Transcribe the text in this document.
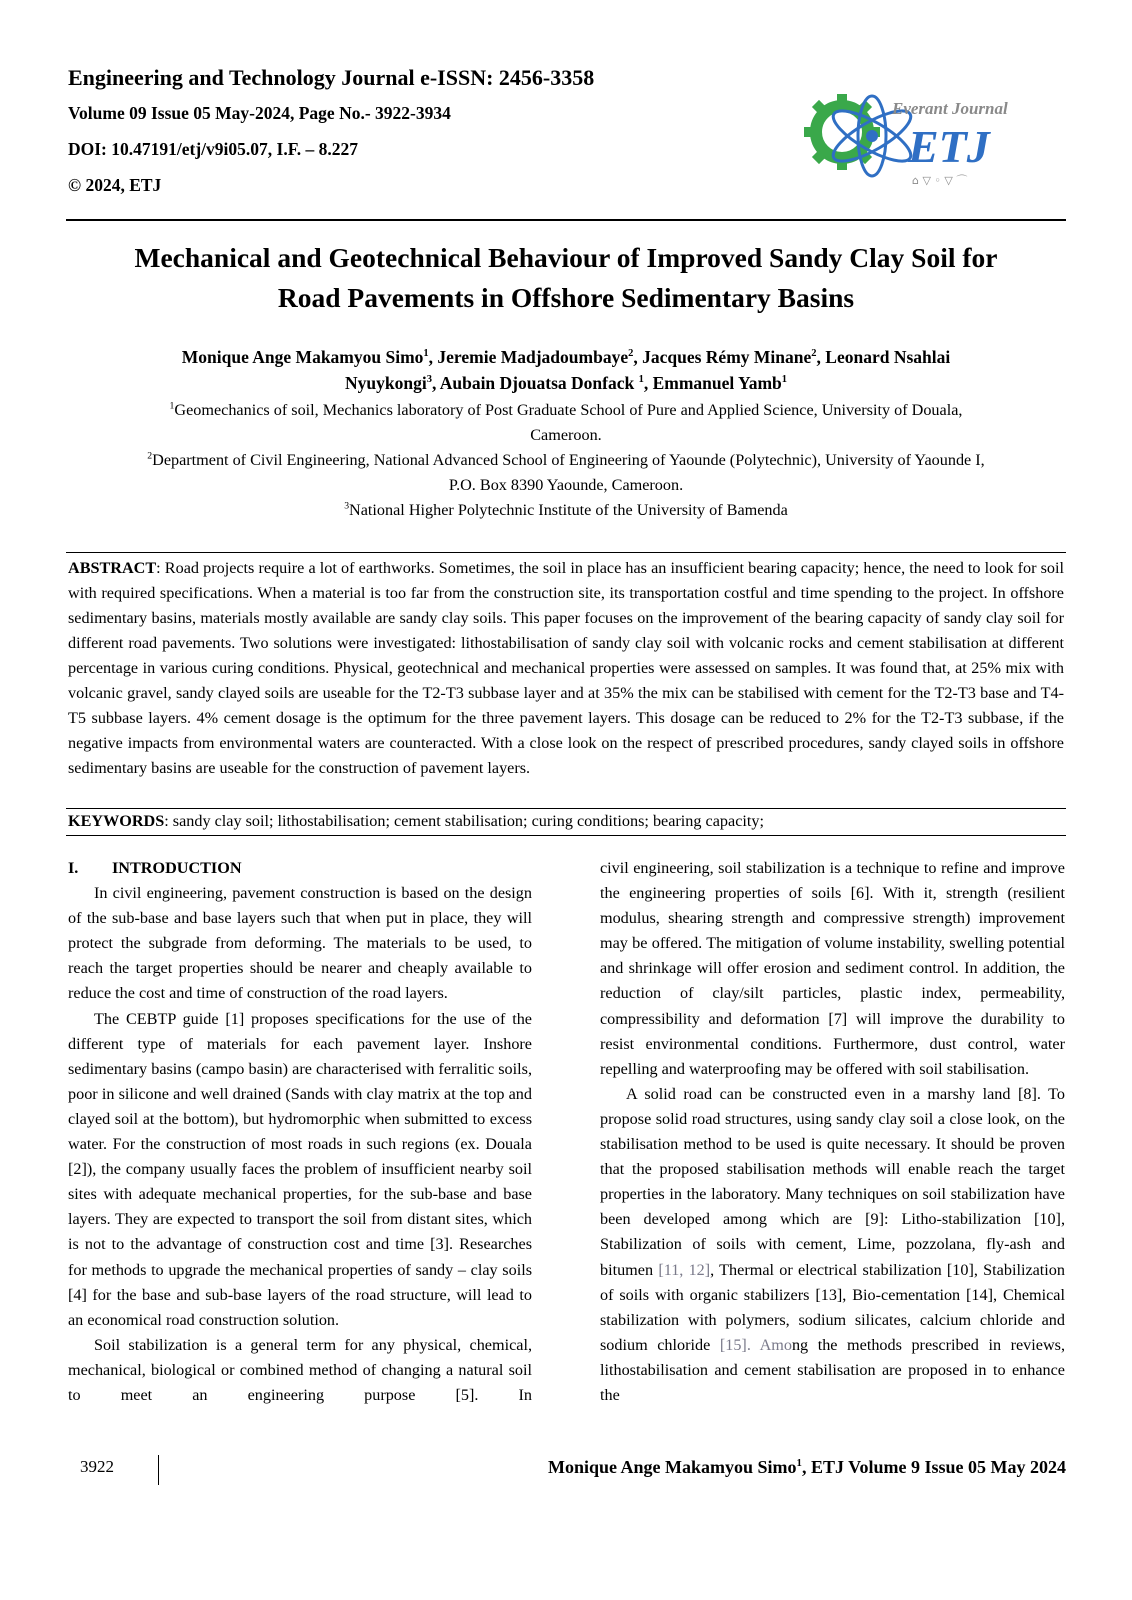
Engineering and Technology Journal e-ISSN: 2456-3358
Volume 09 Issue 05 May-2024, Page No.- 3922-3934
DOI: 10.47191/etj/v9i05.07, I.F. – 8.227
© 2024, ETJ
Everant Journal
ETJ
⌂ ▽ ◦ ▽ ⌒
Mechanical and Geotechnical Behaviour of Improved Sandy Clay Soil for
Road Pavements in Offshore Sedimentary Basins
Monique Ange Makamyou Simo$^1$, Jeremie Madjadoumbaye$^2$, Jacques Rémy Minane$^2$, Leonard Nsahlai
Nyuykongi$^3$, Aubain Djouatsa Donfack $^1$, Emmanuel Yamb$^1$

$^1$Geomechanics of soil, Mechanics laboratory of Post Graduate School of Pure and Applied Science, University of Douala,

Cameroon.

$^2$Department of Civil Engineering, National Advanced School of Engineering of Yaounde (Polytechnic), University of Yaounde I,

P.O. Box 8390 Yaounde, Cameroon.

$^3$National Higher Polytechnic Institute of the University of Bamenda

ABSTRACT: Road projects require a lot of earthworks. Sometimes, the soil in place has an insufficient bearing capacity; hence, the need to look for soil with required specifications. When a material is too far from the construction site, its transportation costful and time spending to the project. In offshore sedimentary basins, materials mostly available are sandy clay soils. This paper focuses on the improvement of the bearing capacity of sandy clay soil for different road pavements. Two solutions were investigated: lithostabilisation of sandy clay soil with volcanic rocks and cement stabilisation at different percentage in various curing conditions. Physical, geotechnical and mechanical properties were assessed on samples. It was found that, at 25% mix with volcanic gravel, sandy clayed soils are useable for the T2-T3 subbase layer and at 35% the mix can be stabilised with cement for the T2-T3 base and T4-T5 subbase layers. 4% cement dosage is the optimum for the three pavement layers. This dosage can be reduced to 2% for the T2-T3 subbase, if the negative impacts from environmental waters are counteracted. With a close look on the respect of prescribed procedures, sandy clayed soils in offshore sedimentary basins are useable for the construction of pavement layers.
KEYWORDS: sandy clay soil; lithostabilisation; cement stabilisation; curing conditions; bearing capacity;
I. INTRODUCTION

In civil engineering, pavement construction is based on the design of the sub-base and base layers such that when put in place, they will protect the subgrade from deforming. The materials to be used, to reach the target properties should be nearer and cheaply available to reduce the cost and time of construction of the road layers.

The CEBTP guide [1] proposes specifications for the use of the different type of materials for each pavement layer. Inshore sedimentary basins (campo basin) are characterised with ferralitic soils, poor in silicone and well drained (Sands with clay matrix at the top and clayed soil at the bottom), but hydromorphic when submitted to excess water. For the construction of most roads in such regions (ex. Douala [2]), the company usually faces the problem of insufficient nearby soil sites with adequate mechanical properties, for the sub-base and base layers. They are expected to transport the soil from distant sites, which is not to the advantage of construction cost and time [3]. Researches for methods to upgrade the mechanical properties of sandy – clay soils [4] for the base and sub-base layers of the road structure, will lead to an economical road construction solution.

Soil stabilization is a general term for any physical, chemical, mechanical, biological or combined method of changing a natural soil to meet an engineering purpose [5]. In

civil engineering, soil stabilization is a technique to refine and improve the engineering properties of soils [6]. With it, strength (resilient modulus, shearing strength and compressive strength) improvement may be offered. The mitigation of volume instability, swelling potential and shrinkage will offer erosion and sediment control. In addition, the reduction of clay/silt particles, plastic index, permeability, compressibility and deformation [7] will improve the durability to resist environmental conditions. Furthermore, dust control, water repelling and waterproofing may be offered with soil stabilisation.

A solid road can be constructed even in a marshy land [8]. To propose solid road structures, using sandy clay soil a close look, on the stabilisation method to be used is quite necessary. It should be proven that the proposed stabilisation methods will enable reach the target properties in the laboratory. Many techniques on soil stabilization have been developed among which are [9]: Litho-stabilization [10], Stabilization of soils with cement, Lime, pozzolana, fly-ash and bitumen [11, 12], Thermal or electrical stabilization [10], Stabilization of soils with organic stabilizers [13], Bio-cementation [14], Chemical stabilization with polymers, sodium silicates, calcium chloride and sodium chloride [15]. Among the methods prescribed in reviews, lithostabilisation and cement stabilisation are proposed in to enhance the

3922	Monique Ange Makamyou Simo$^1$, ETJ Volume 9 Issue 05 May 2024
